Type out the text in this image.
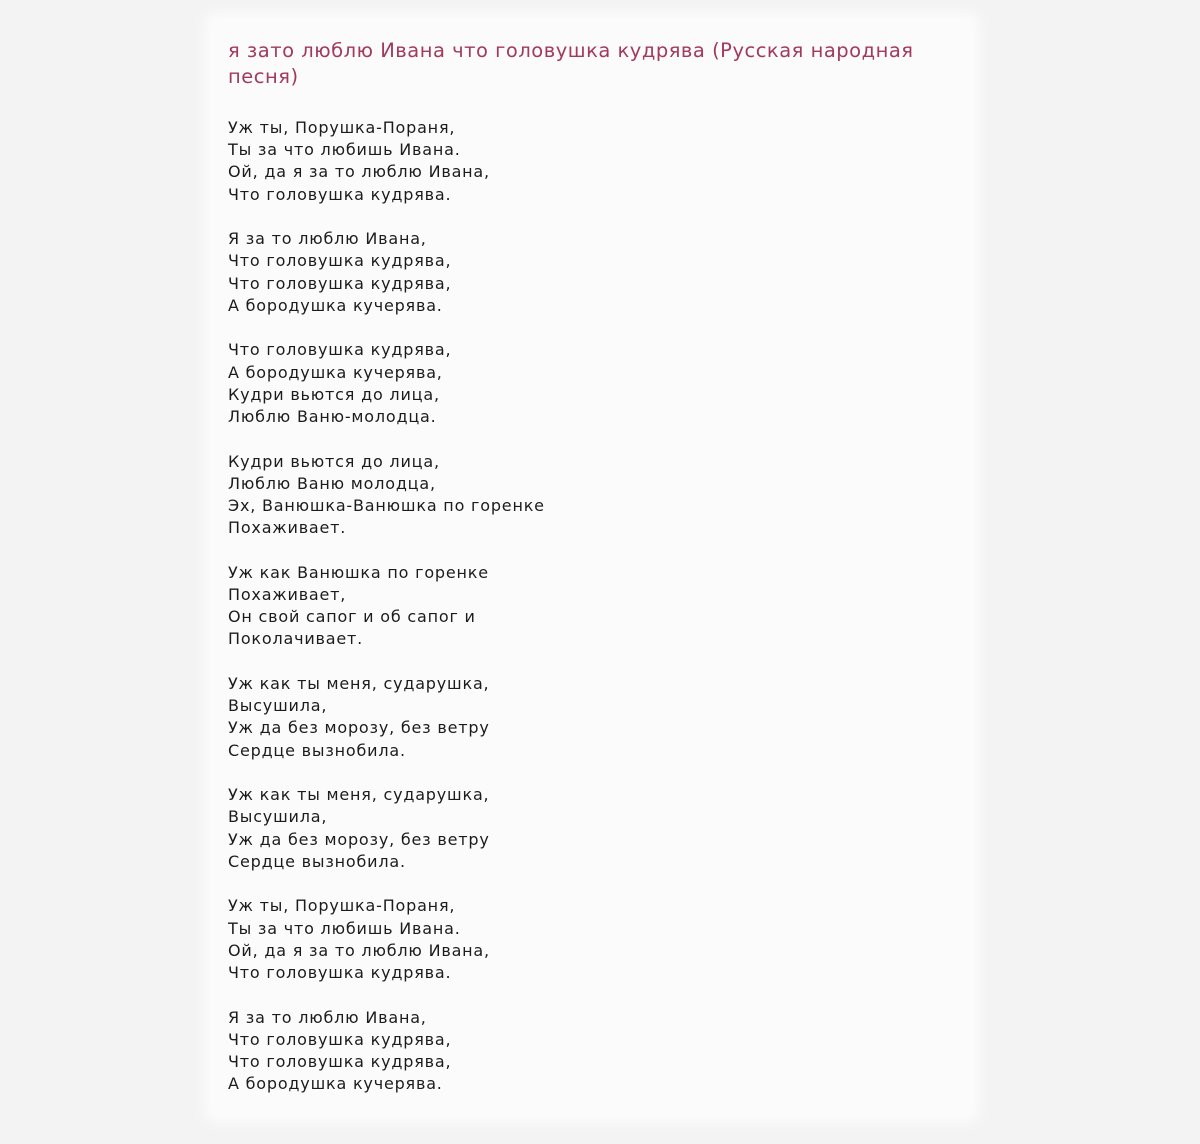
я зато люблю Ивана что головушка кудрява (Русская народная песня)
Уж ты, Порушка-Пораня,
Ты за что любишь Ивана.
Ой, да я за то люблю Ивана,
Что головушка кудрява.
Я за то люблю Ивана,
Что головушка кудрява,
Что головушка кудрява,
А бородушка кучерява.
Что головушка кудрява,
А бородушка кучерява,
Кудри вьются до лица,
Люблю Ваню-молодца.
Кудри вьются до лица,
Люблю Ваню молодца,
Эх, Ванюшка-Ванюшка по горенке
Похаживает.
Уж как Ванюшка по горенке
Похаживает,
Он свой сапог и об сапог и
Поколачивает.
Уж как ты меня, сударушка,
Высушила,
Уж да без морозу, без ветру
Сердце вызнобила.
Уж как ты меня, сударушка,
Высушила,
Уж да без морозу, без ветру
Сердце вызнобила.
Уж ты, Порушка-Пораня,
Ты за что любишь Ивана.
Ой, да я за то люблю Ивана,
Что головушка кудрява.
Я за то люблю Ивана,
Что головушка кудрява,
Что головушка кудрява,
А бородушка кучерява.
